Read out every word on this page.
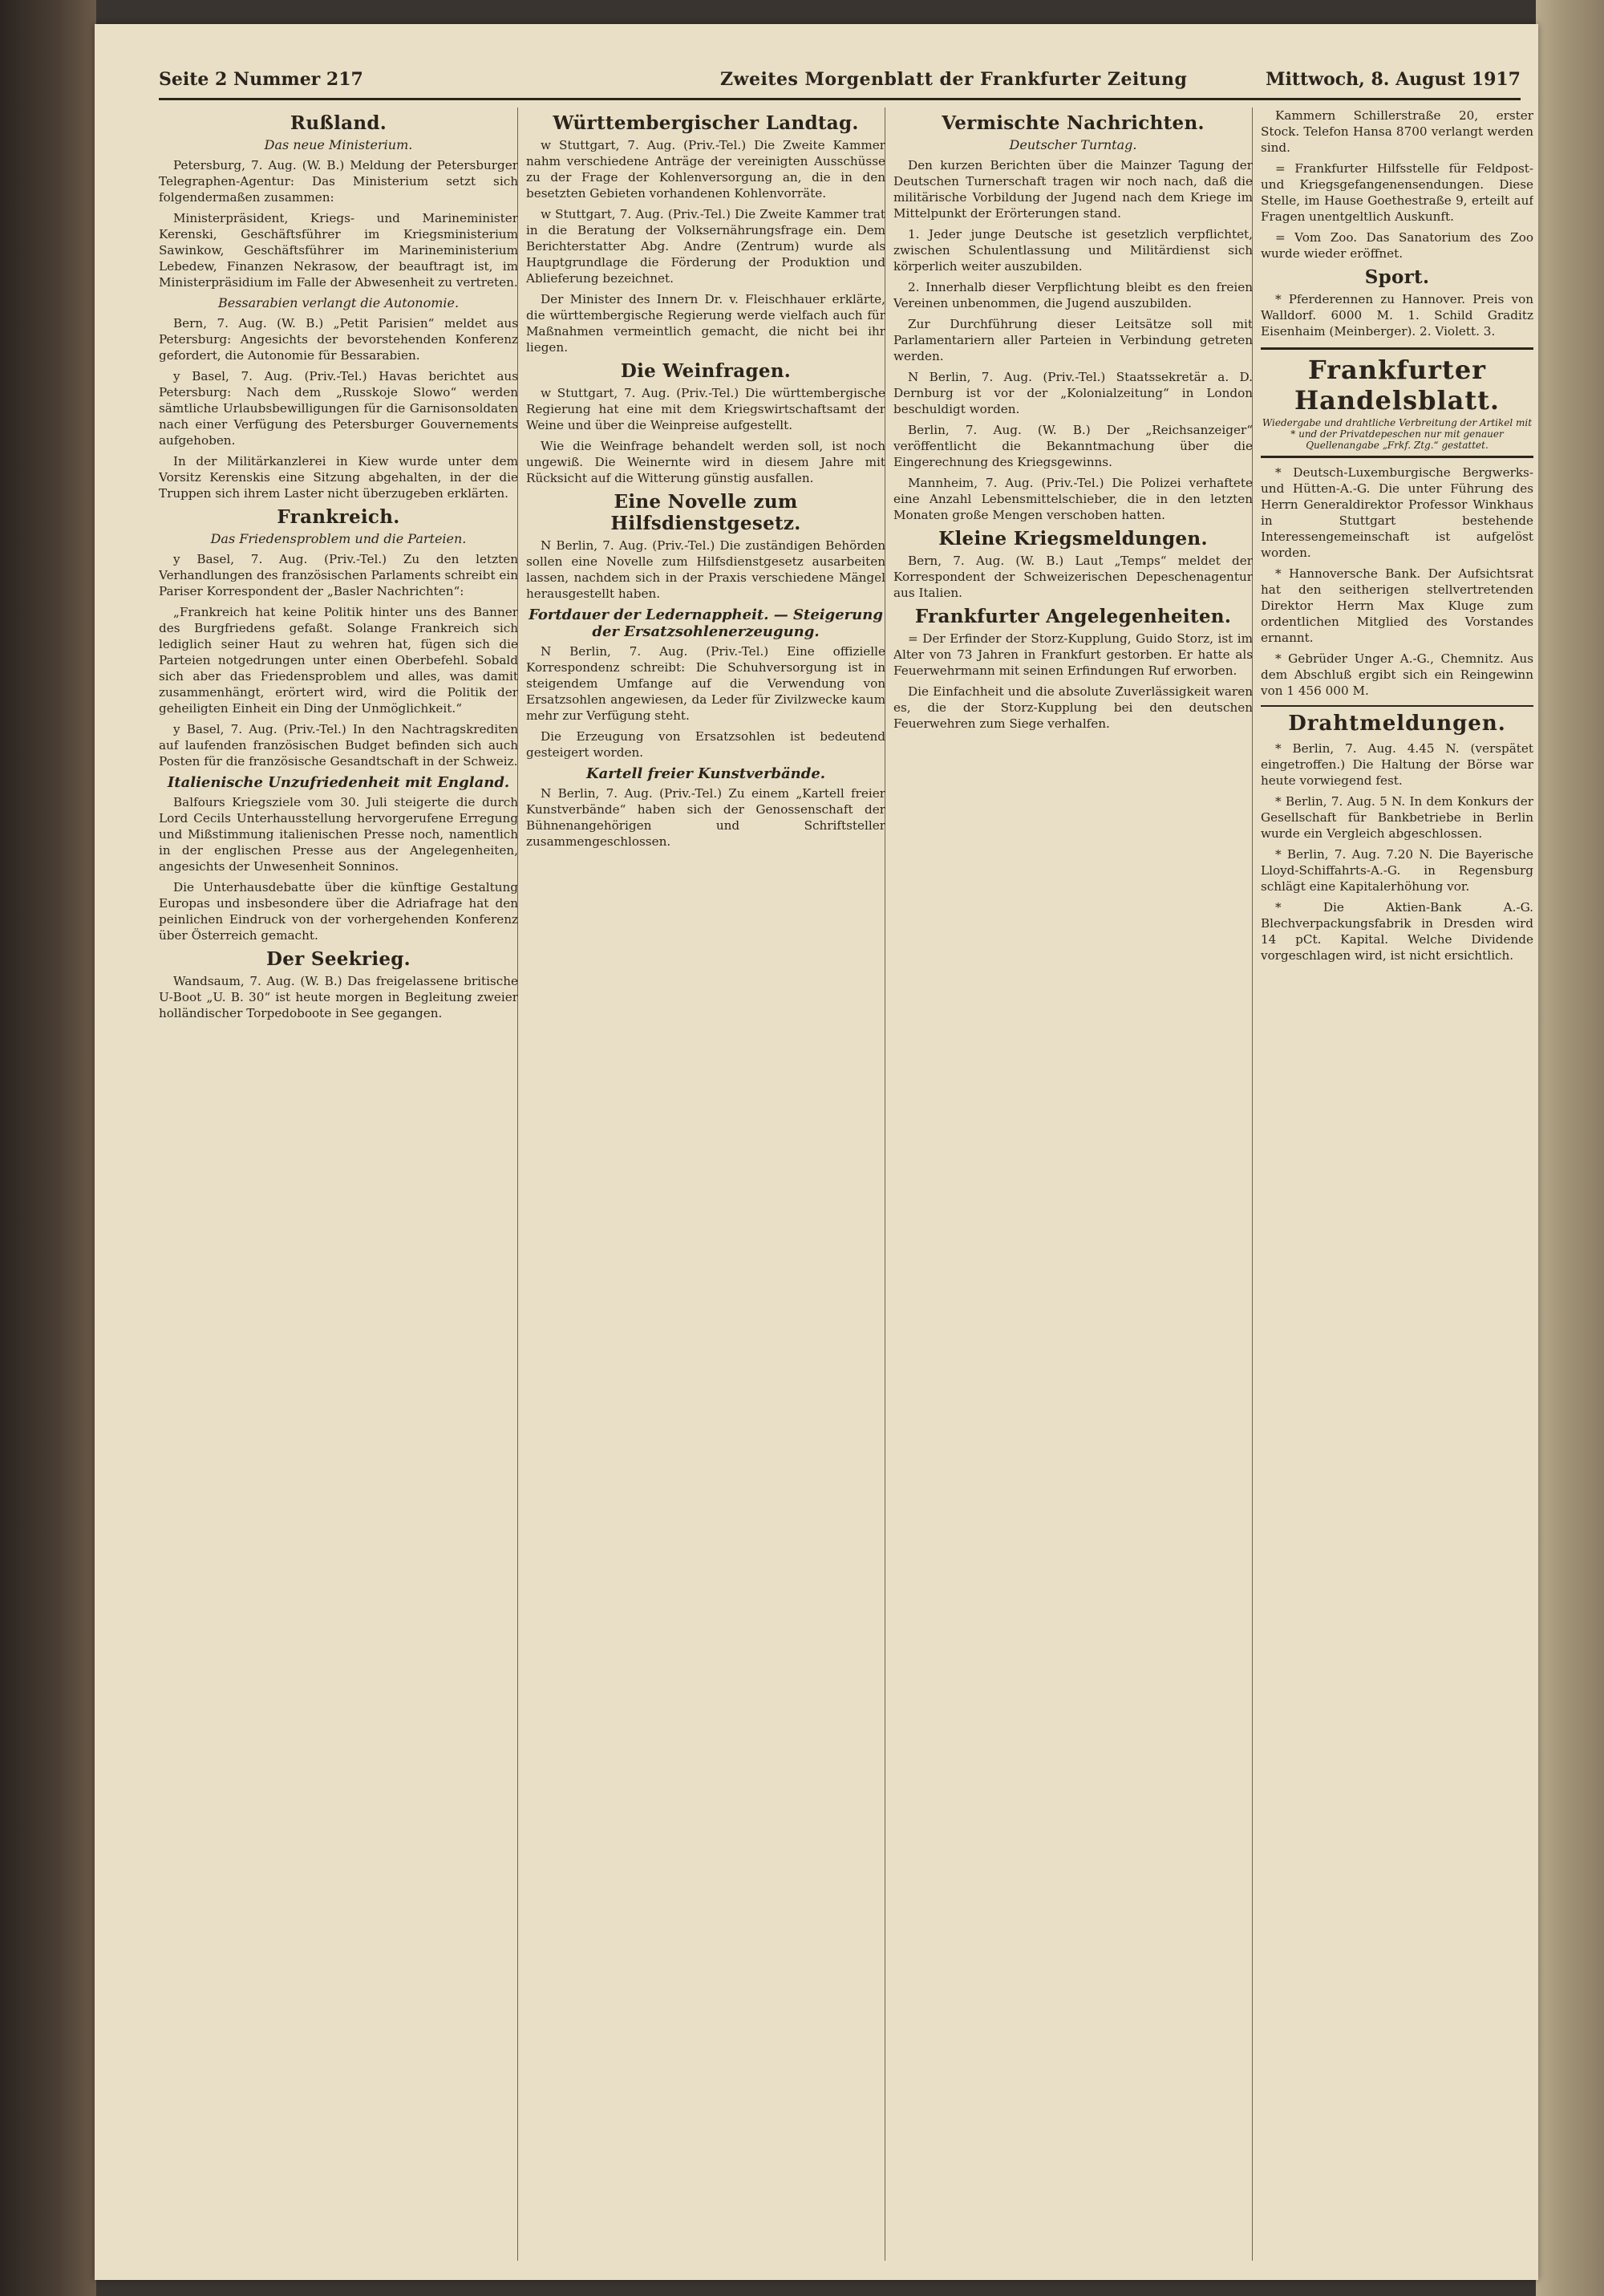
Seite 2 Nummer 217	Zweites Morgenblatt der Frankfurter Zeitung	Mittwoch, 8. August 1917
Rußland.
Das neue Ministerium.

Petersburg, 7. Aug. (W. B.) Meldung der Petersburger Telegraphen-Agentur: Das Ministerium setzt sich folgendermaßen zusammen:

Ministerpräsident, Kriegs- und Marineminister Kerenski, Geschäftsführer im Kriegsministerium Sawinkow, Geschäftsführer im Marineministerium Lebedew, Finanzen Nekrasow, der beauftragt ist, im Ministerpräsidium im Falle der Abwesenheit zu vertreten.

Bessarabien verlangt die Autonomie.

Bern, 7. Aug. (W. B.) „Petit Parisien“ meldet aus Petersburg: Angesichts der bevorstehenden Konferenz gefordert, die Autonomie für Bessarabien.

y Basel, 7. Aug. (Priv.-Tel.) Havas berichtet aus Petersburg: Nach dem „Russkoje Slowo“ werden sämtliche Urlaubsbewilligungen für die Garnisonsoldaten nach einer Verfügung des Petersburger Gouvernements aufgehoben.

In der Militärkanzlerei in Kiew wurde unter dem Vorsitz Kerenskis eine Sitzung abgehalten, in der die Truppen sich ihrem Laster nicht überzugeben erklärten.

Frankreich.
Das Friedensproblem und die Parteien.

y Basel, 7. Aug. (Priv.-Tel.) Zu den letzten Verhandlungen des französischen Parlaments schreibt ein Pariser Korrespondent der „Basler Nachrichten“:

„Frankreich hat keine Politik hinter uns des Banner des Burgfriedens gefaßt. Solange Frankreich sich lediglich seiner Haut zu wehren hat, fügen sich die Parteien notgedrungen unter einen Oberbefehl. Sobald sich aber das Friedensproblem und alles, was damit zusammenhängt, erörtert wird, wird die Politik der geheiligten Einheit ein Ding der Unmöglichkeit.“

y Basel, 7. Aug. (Priv.-Tel.) In den Nachtragskrediten auf laufenden französischen Budget befinden sich auch Posten für die französische Gesandtschaft in der Schweiz.

Italienische Unzufriedenheit mit England.

Balfours Kriegsziele vom 30. Juli steigerte die durch Lord Cecils Unterhausstellung hervorgerufene Erregung und Mißstimmung italienischen Presse noch, namentlich in der englischen Presse aus der Angelegenheiten, angesichts der Unwesenheit Sonninos.

Die Unterhausdebatte über die künftige Gestaltung Europas und insbesondere über die Adriafrage hat den peinlichen Eindruck von der vorhergehenden Konferenz über Österreich gemacht.

Der Seekrieg.

Wandsaum, 7. Aug. (W. B.) Das freigelassene britische U-Boot „U. B. 30“ ist heute morgen in Begleitung zweier holländischer Torpedoboote in See gegangen.

Württembergischer Landtag.

w Stuttgart, 7. Aug. (Priv.-Tel.) Die Zweite Kammer nahm verschiedene Anträge der vereinigten Ausschüsse zu der Frage der Kohlenversorgung an, die in den besetzten Gebieten vorhandenen Kohlenvorräte.

w Stuttgart, 7. Aug. (Priv.-Tel.) Die Zweite Kammer trat in die Beratung der Volksernährungsfrage ein. Dem Berichterstatter Abg. Andre (Zentrum) wurde als Hauptgrundlage die Förderung der Produktion und Ablieferung bezeichnet.

Der Minister des Innern Dr. v. Fleischhauer erklärte, die württembergische Regierung werde vielfach auch für Maßnahmen vermeintlich gemacht, die nicht bei ihr liegen.

Die Weinfragen.

w Stuttgart, 7. Aug. (Priv.-Tel.) Die württembergische Regierung hat eine mit dem Kriegswirtschaftsamt der Weine und über die Weinpreise aufgestellt.

Wie die Weinfrage behandelt werden soll, ist noch ungewiß. Die Weinernte wird in diesem Jahre mit Rücksicht auf die Witterung günstig ausfallen.

Eine Novelle zum Hilfsdienstgesetz.

N Berlin, 7. Aug. (Priv.-Tel.) Die zuständigen Behörden sollen eine Novelle zum Hilfsdienstgesetz ausarbeiten lassen, nachdem sich in der Praxis verschiedene Mängel herausgestellt haben.

Fortdauer der Ledernappheit. — Steigerung der Ersatzsohlenerzeugung.

N Berlin, 7. Aug. (Priv.-Tel.) Eine offizielle Korrespondenz schreibt: Die Schuhversorgung ist in steigendem Umfange auf die Verwendung von Ersatzsohlen angewiesen, da Leder für Zivilzwecke kaum mehr zur Verfügung steht.

Die Erzeugung von Ersatzsohlen ist bedeutend gesteigert worden.

Kartell freier Kunstverbände.

N Berlin, 7. Aug. (Priv.-Tel.) Zu einem „Kartell freier Kunstverbände“ haben sich der Genossenschaft der Bühnenangehörigen und Schriftsteller zusammengeschlossen.

Vermischte Nachrichten.
Deutscher Turntag.

Den kurzen Berichten über die Mainzer Tagung der Deutschen Turnerschaft tragen wir noch nach, daß die militärische Vorbildung der Jugend nach dem Kriege im Mittelpunkt der Erörterungen stand.

1. Jeder junge Deutsche ist gesetzlich verpflichtet, zwischen Schulentlassung und Militärdienst sich körperlich weiter auszubilden.

2. Innerhalb dieser Verpflichtung bleibt es den freien Vereinen unbenommen, die Jugend auszubilden.

Zur Durchführung dieser Leitsätze soll mit Parlamentariern aller Parteien in Verbindung getreten werden.

N Berlin, 7. Aug. (Priv.-Tel.) Staatssekretär a. D. Dernburg ist vor der „Kolonialzeitung“ in London beschuldigt worden.

Berlin, 7. Aug. (W. B.) Der „Reichsanzeiger“ veröffentlicht die Bekanntmachung über die Eingerechnung des Kriegsgewinns.

Mannheim, 7. Aug. (Priv.-Tel.) Die Polizei verhaftete eine Anzahl Lebensmittelschieber, die in den letzten Monaten große Mengen verschoben hatten.

Kleine Kriegsmeldungen.

Bern, 7. Aug. (W. B.) Laut „Temps“ meldet der Korrespondent der Schweizerischen Depeschenagentur aus Italien.

Frankfurter Angelegenheiten.

= Der Erfinder der Storz-Kupplung, Guido Storz, ist im Alter von 73 Jahren in Frankfurt gestorben. Er hatte als Feuerwehrmann mit seinen Erfindungen Ruf erworben.

Die Einfachheit und die absolute Zuverlässigkeit waren es, die der Storz-Kupplung bei den deutschen Feuerwehren zum Siege verhalfen.

Kammern Schillerstraße 20, erster Stock. Telefon Hansa 8700 verlangt werden sind.

= Frankfurter Hilfsstelle für Feldpost- und Kriegsgefangenensendungen. Diese Stelle, im Hause Goethestraße 9, erteilt auf Fragen unentgeltlich Auskunft.

= Vom Zoo. Das Sanatorium des Zoo wurde wieder eröffnet.

Sport.

* Pferderennen zu Hannover. Preis von Walldorf. 6000 M. 1. Schild Graditz Eisenhaim (Meinberger). 2. Violett. 3.

Frankfurter Handelsblatt.
Wiedergabe und drahtliche Verbreitung der Artikel mit * und der Privatdepeschen nur mit genauer Quellenangabe „Frkf. Ztg.“ gestattet.

* Deutsch-Luxemburgische Bergwerks- und Hütten-A.-G. Die unter Führung des Herrn Generaldirektor Professor Winkhaus in Stuttgart bestehende Interessengemeinschaft ist aufgelöst worden.

* Hannoversche Bank. Der Aufsichtsrat hat den seitherigen stellvertretenden Direktor Herrn Max Kluge zum ordentlichen Mitglied des Vorstandes ernannt.

* Gebrüder Unger A.-G., Chemnitz. Aus dem Abschluß ergibt sich ein Reingewinn von 1 456 000 M.

Drahtmeldungen.

* Berlin, 7. Aug. 4.45 N. (verspätet eingetroffen.) Die Haltung der Börse war heute vorwiegend fest.

* Berlin, 7. Aug. 5 N. In dem Konkurs der Gesellschaft für Bankbetriebe in Berlin wurde ein Vergleich abgeschlossen.

* Berlin, 7. Aug. 7.20 N. Die Bayerische Lloyd-Schiffahrts-A.-G. in Regensburg schlägt eine Kapitalerhöhung vor.

* Die Aktien-Bank A.-G. Blechverpackungsfabrik in Dresden wird 14 pCt. Kapital. Welche Dividende vorgeschlagen wird, ist nicht ersichtlich.
